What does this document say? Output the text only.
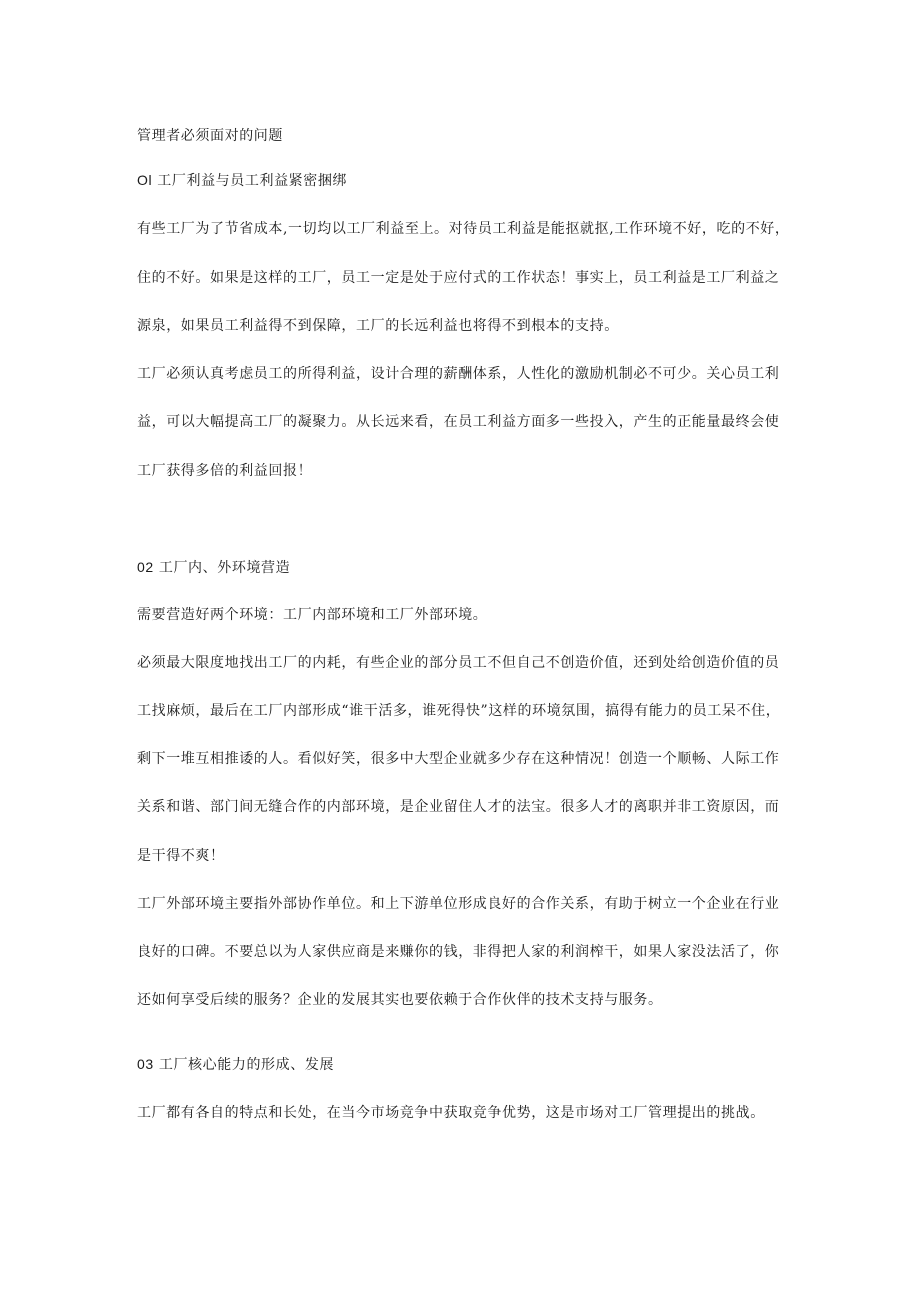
管理者必须面对的问题
Ol 工厂利益与员工利益紧密捆绑
有些工厂为了节省成本,一切均以工厂利益至上。对待员工利益是能抠就抠,工作环境不好，吃的不好，
住的不好。如果是这样的工厂，员工一定是处于应付式的工作状态！事实上，员工利益是工厂利益之
源泉，如果员工利益得不到保障，工厂的长远利益也将得不到根本的支持。
工厂必须认真考虑员工的所得利益，设计合理的薪酬体系，人性化的激励机制必不可少。关心员工利
益，可以大幅提高工厂的凝聚力。从长远来看，在员工利益方面多一些投入，产生的正能量最终会使
工厂获得多倍的利益回报！
02 工厂内、外环境营造
需要营造好两个环境：工厂内部环境和工厂外部环境。
必须最大限度地找出工厂的内耗，有些企业的部分员工不但自己不创造价值，还到处给创造价值的员
工找麻烦，最后在工厂内部形成“谁干活多，谁死得快”这样的环境氛围，搞得有能力的员工呆不住，
剩下一堆互相推诿的人。看似好笑，很多中大型企业就多少存在这种情况！创造一个顺畅、人际工作
关系和谐、部门间无缝合作的内部环境，是企业留住人才的法宝。很多人才的离职并非工资原因，而
是干得不爽！
工厂外部环境主要指外部协作单位。和上下游单位形成良好的合作关系，有助于树立一个企业在行业
良好的口碑。不要总以为人家供应商是来赚你的钱，非得把人家的利润榨干，如果人家没法活了，你
还如何享受后续的服务？企业的发展其实也要依赖于合作伙伴的技术支持与服务。
03 工厂核心能力的形成、发展
工厂都有各自的特点和长处，在当今市场竞争中获取竞争优势，这是市场对工厂管理提出的挑战。
